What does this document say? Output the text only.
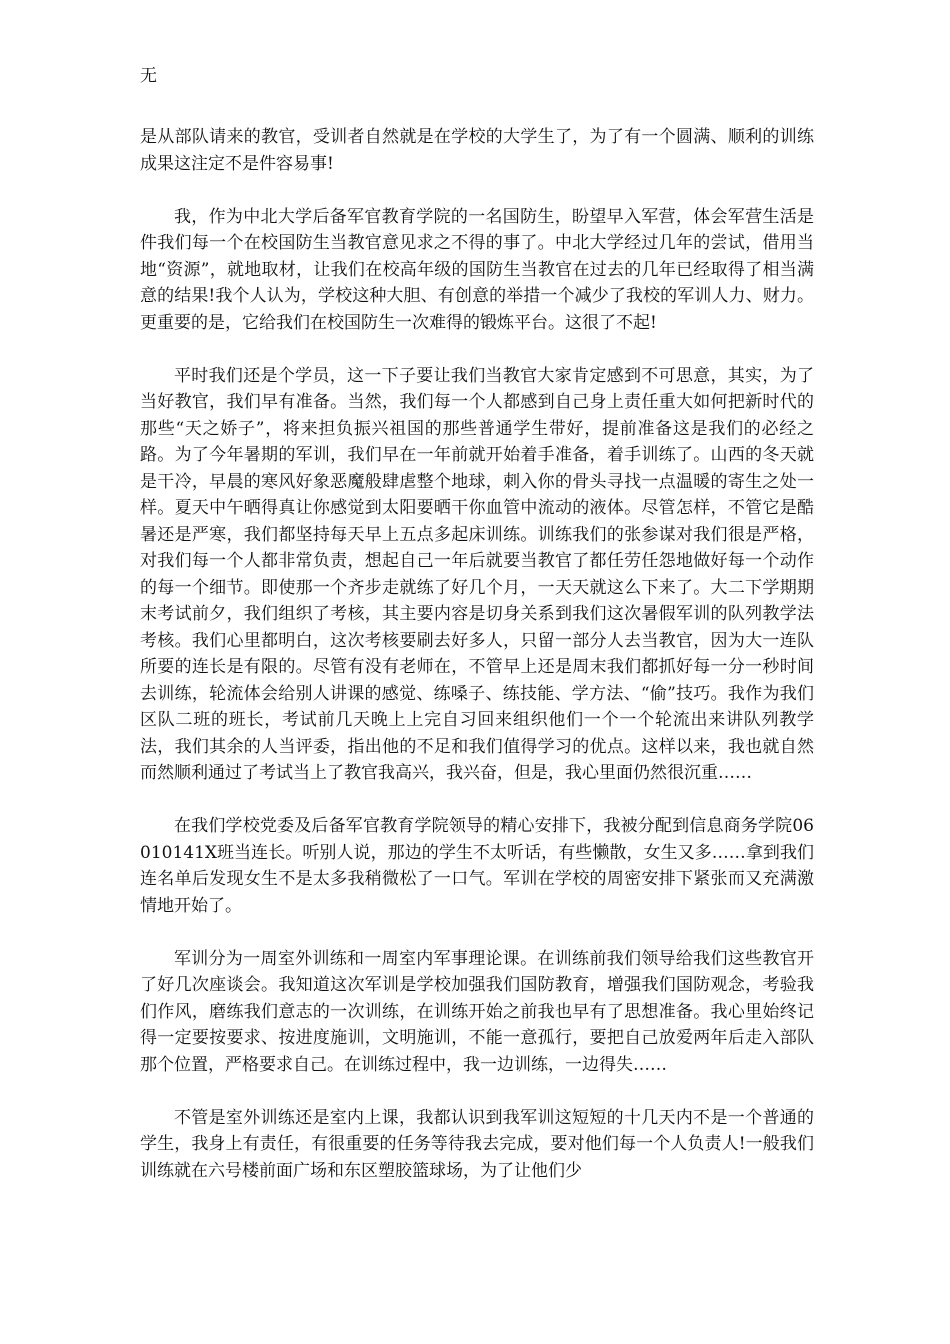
无

是从部队请来的教官，受训者自然就是在学校的大学生了，为了有一个圆满、顺利的训练成果这注定不是件容易事!

我，作为中北大学后备军官教育学院的一名国防生，盼望早入军营，体会军营生活是件我们每一个在校国防生当教官意见求之不得的事了。中北大学经过几年的尝试，借用当地“资源”，就地取材，让我们在校高年级的国防生当教官在过去的几年已经取得了相当满意的结果!我个人认为，学校这种大胆、有创意的举措一个减少了我校的军训人力、财力。更重要的是，它给我们在校国防生一次难得的锻炼平台。这很了不起!

平时我们还是个学员，这一下子要让我们当教官大家肯定感到不可思意，其实，为了当好教官，我们早有准备。当然，我们每一个人都感到自己身上责任重大如何把新时代的那些“天之娇子”，将来担负振兴祖国的那些普通学生带好，提前准备这是我们的必经之路。为了今年暑期的军训，我们早在一年前就开始着手准备，着手训练了。山西的冬天就是干冷，早晨的寒风好象恶魔般肆虐整个地球，刺入你的骨头寻找一点温暖的寄生之处一样。夏天中午晒得真让你感觉到太阳要晒干你血管中流动的液体。尽管怎样，不管它是酷暑还是严寒，我们都坚持每天早上五点多起床训练。训练我们的张参谋对我们很是严格，对我们每一个人都非常负责，想起自己一年后就要当教官了都任劳任怨地做好每一个动作的每一个细节。即使那一个齐步走就练了好几个月，一天天就这么下来了。大二下学期期末考试前夕，我们组织了考核，其主要内容是切身关系到我们这次暑假军训的队列教学法考核。我们心里都明白，这次考核要刷去好多人，只留一部分人去当教官，因为大一连队所要的连长是有限的。尽管有没有老师在，不管早上还是周末我们都抓好每一分一秒时间去训练，轮流体会给别人讲课的感觉、练嗓子、练技能、学方法、“偷”技巧。我作为我们区队二班的班长，考试前几天晚上上完自习回来组织他们一个一个轮流出来讲队列教学法，我们其余的人当评委，指出他的不足和我们值得学习的优点。这样以来，我也就自然而然顺利通过了考试当上了教官我高兴，我兴奋，但是，我心里面仍然很沉重……

在我们学校党委及后备军官教育学院领导的精心安排下，我被分配到信息商务学院06010141X班当连长。听别人说，那边的学生不太听话，有些懒散，女生又多……拿到我们连名单后发现女生不是太多我稍微松了一口气。军训在学校的周密安排下紧张而又充满激情地开始了。

军训分为一周室外训练和一周室内军事理论课。在训练前我们领导给我们这些教官开了好几次座谈会。我知道这次军训是学校加强我们国防教育，增强我们国防观念，考验我们作风，磨练我们意志的一次训练，在训练开始之前我也早有了思想准备。我心里始终记得一定要按要求、按进度施训，文明施训，不能一意孤行，要把自己放爱两年后走入部队那个位置，严格要求自己。在训练过程中，我一边训练，一边得失……

不管是室外训练还是室内上课，我都认识到我军训这短短的十几天内不是一个普通的学生，我身上有责任，有很重要的任务等待我去完成，要对他们每一个人负责人!一般我们训练就在六号楼前面广场和东区塑胶篮球场，为了让他们少
